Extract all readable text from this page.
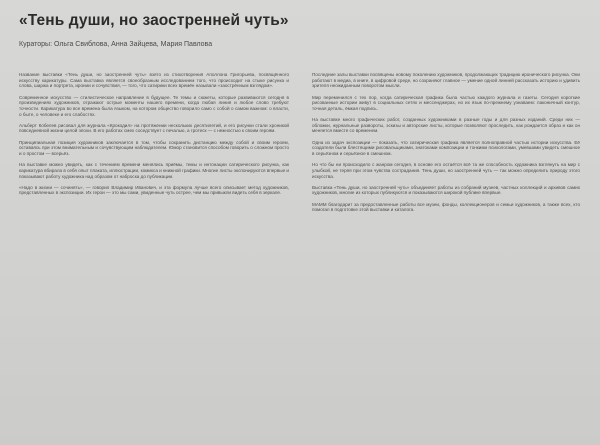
«Тень души, но заостренней чуть»
Кураторы: Ольга Свиблова, Анна Зайцева, Мария Павлова

Название выставки «Тень души, но заостренней чуть» взято из стихотворения Аполлона Григорьева, посвящённого искусству карикатуры. Сама выставка является своеобразным исследованием того, что происходит на стыке рисунка и слова, шаржа и портрета, иронии и сочувствия, — того, что сатирики всех времён называли «заострённым взглядом».

Современное искусство — стилистическое направление в будущее. Те темы и сюжеты, которые развиваются сегодня в произведениях художников, отражают острые моменты нашего времени, когда любая линия и любое слово требуют точности. Карикатура во все времена была языком, на котором общество говорило само с собой о самом важном: о власти, о быте, о человеке и его слабостях.

Альберт Кобелев рисовал для журнала «Крокодил» на протяжении нескольких десятилетий, и его рисунки стали хроникой повседневной жизни целой эпохи. В его работах смех соседствует с печалью, а гротеск — с нежностью к своим героям.

Принципиальная позиция художников заключается в том, чтобы сохранить дистанцию между собой и своим героем, оставаясь при этом внимательным и сочувствующим наблюдателем. Юмор становится способом говорить о сложном просто и о простом — всерьёз.

На выставке можно увидеть, как с течением времени менялись приёмы, темы и интонации сатирического рисунка, как карикатура вбирала в себя опыт плаката, иллюстрации, комикса и книжной графики. Многие листы экспонируются впервые и показывают работу художника над образом от наброска до публикации.

«Надо в жизни — сочинять», — говорил Владимир Иванович, и эта формула лучше всего описывает метод художников, представленных в экспозиции. Их герои — это мы сами, увиденные чуть острее, чем мы привыкли видеть себя в зеркале.

Последние залы выставки посвящены новому поколению художников, продолжающих традицию иронического рисунка. Они работают в медиа, в книге, в цифровой среде, но сохраняют главное — умение одной линией рассказать историю и удивить зрителя неожиданным поворотом мысли.

Мир переменился с тех пор, когда сатирическая графика была частью каждого журнала и газеты. Сегодня короткие рисованные истории живут в социальных сетях и мессенджерах, но их язык по-прежнему узнаваем: лаконичный контур, точная деталь, ёмкая подпись.

На выставке много графических работ, созданных художниками в разные годы и для разных изданий. Среди них — обложки, журнальные развороты, эскизы и авторские листы, которые позволяют проследить, как рождается образ и как он меняется вместе со временем.

Одна из задач экспозиции — показать, что сатирическая графика является полноправной частью истории искусства. Её создатели были блестящими рисовальщиками, знатоками композиции и тонкими психологами, умевшими увидеть смешное в серьёзном и серьёзное в смешном.

Но что бы ни происходило с жанром сегодня, в основе его остаётся всё та же способность художника взглянуть на мир с улыбкой, не теряя при этом чувства сострадания. Тень души, но заостренней чуть — так можно определить природу этого искусства.

Выставка «Тень души, но заостренней чуть» объединяет работы из собраний музеев, частных коллекций и архивов самих художников, многие из которых публикуются и показываются широкой публике впервые.

МАММ благодарит за предоставленные работы все музеи, фонды, коллекционеров и семьи художников, а также всех, кто помогал в подготовке этой выставки и каталога.
